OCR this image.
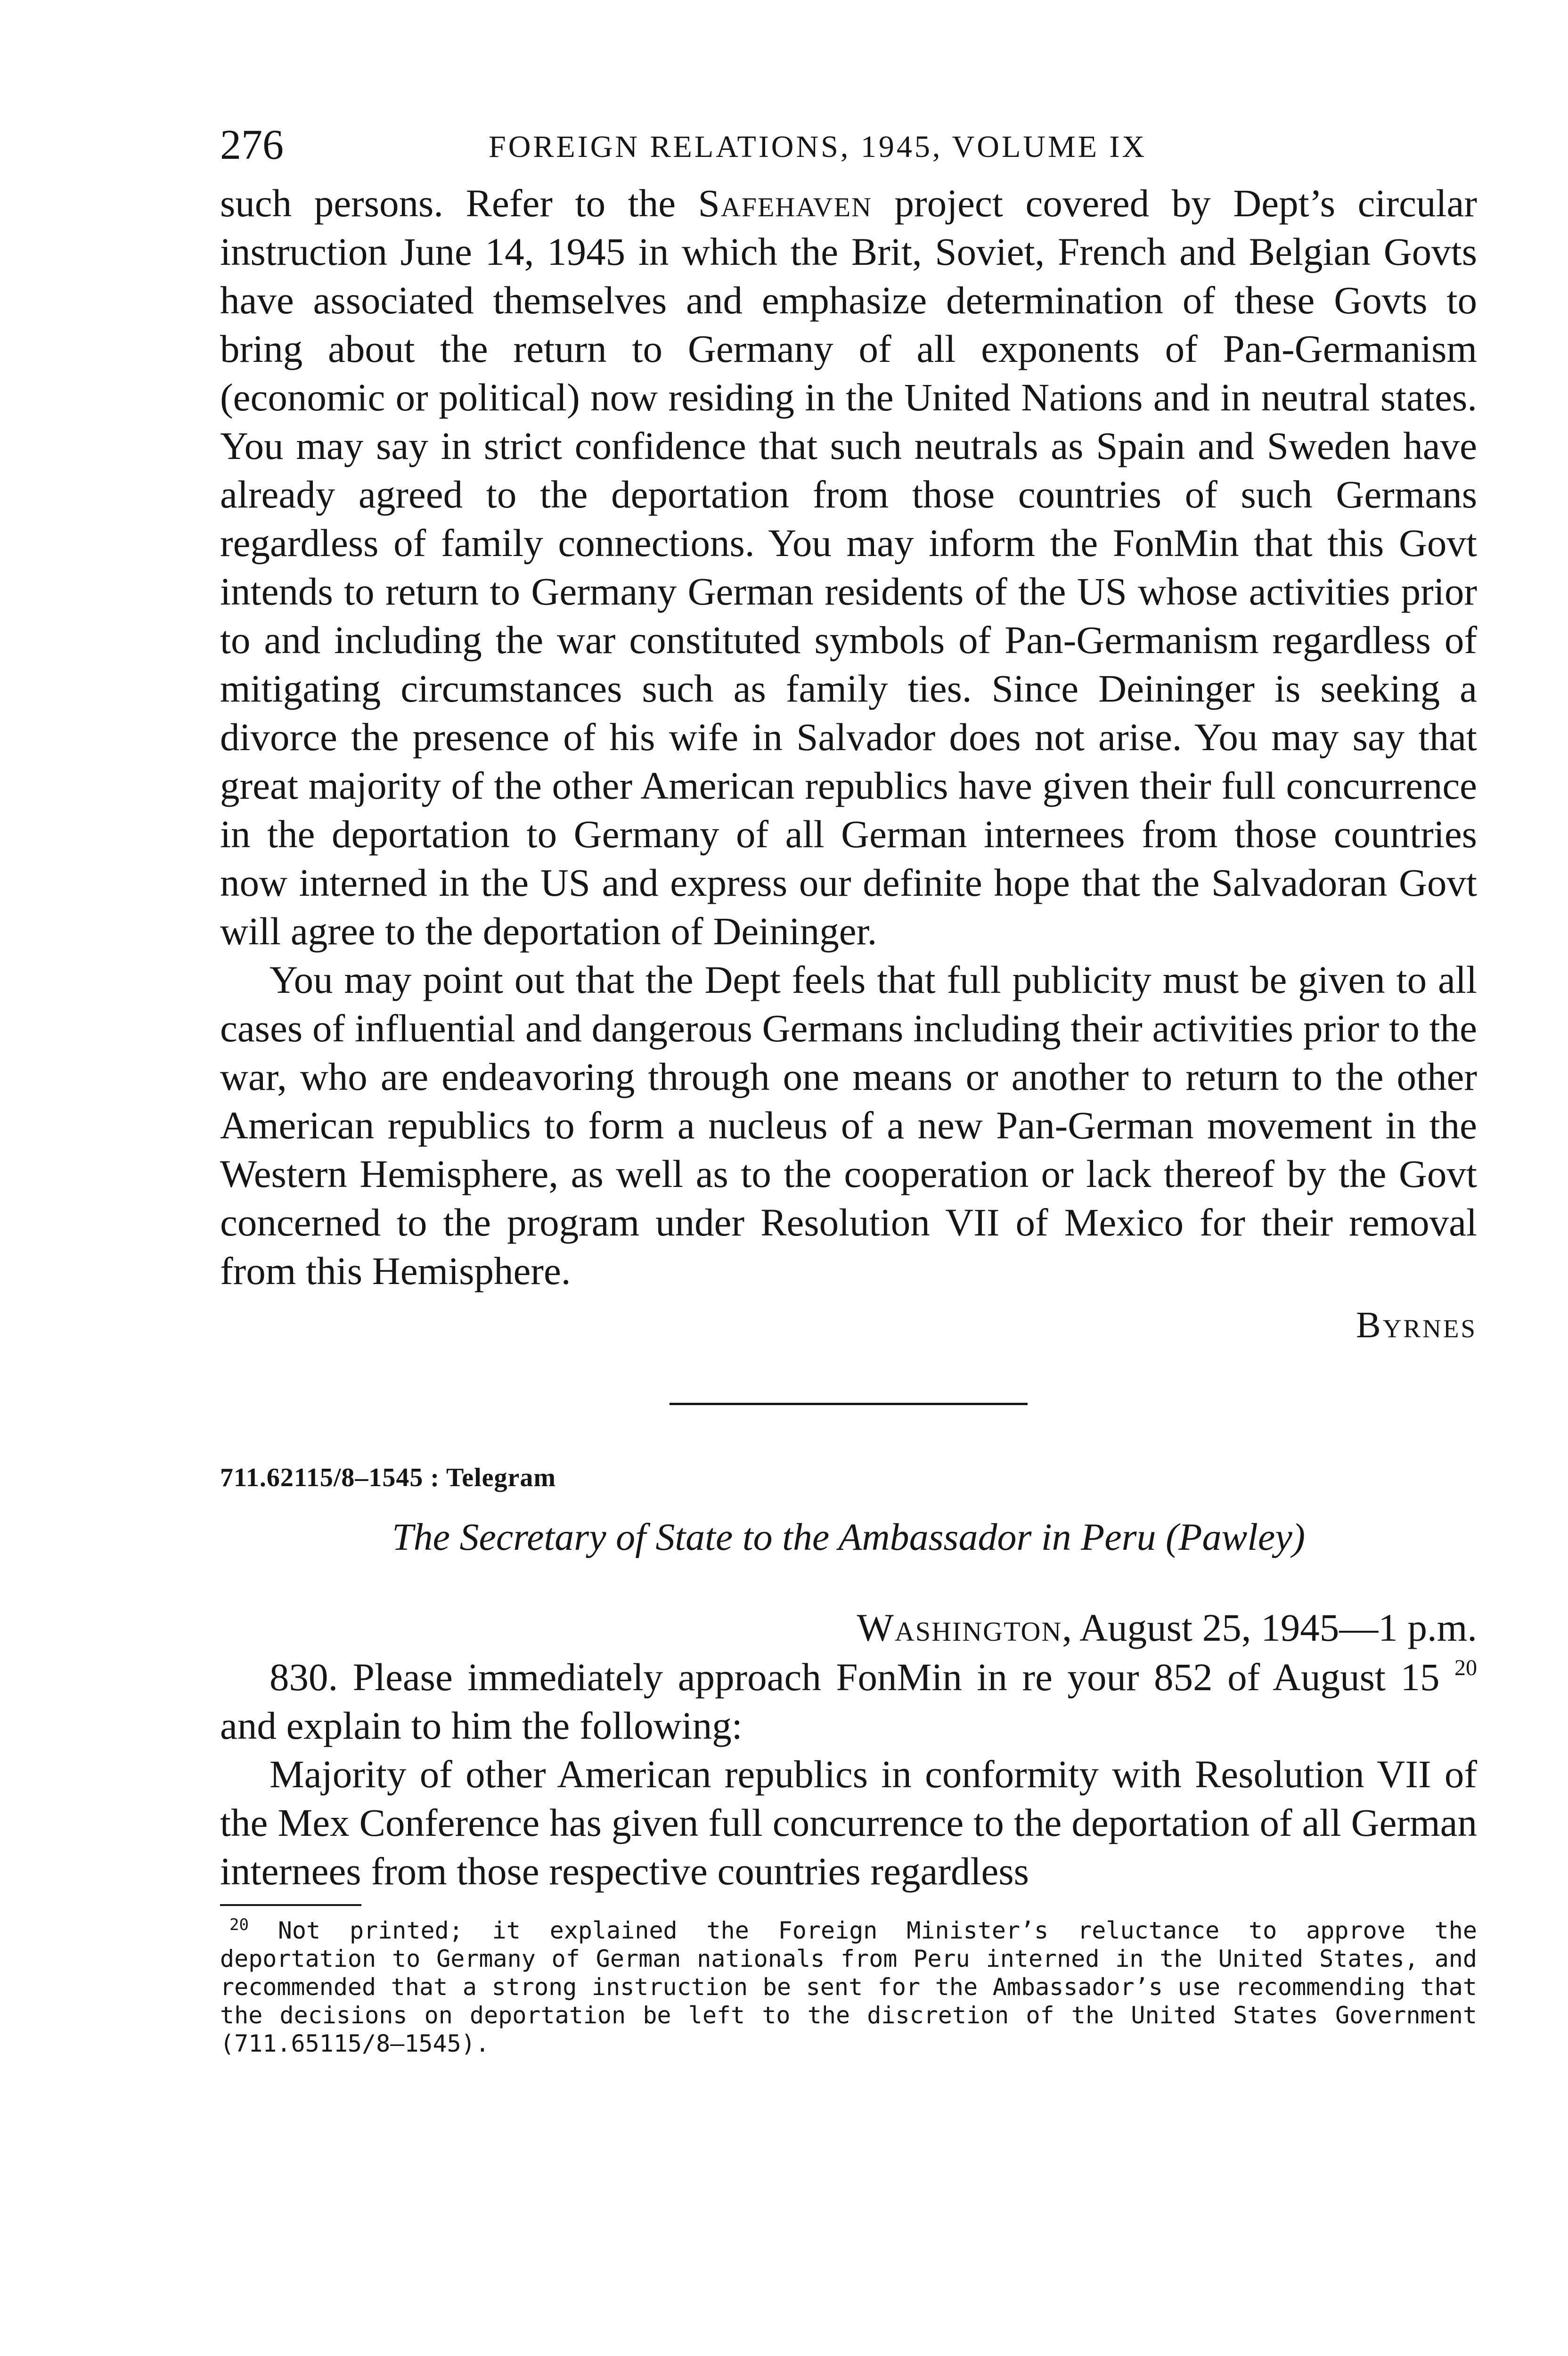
276	FOREIGN RELATIONS, 1945, VOLUME IX

such persons. Refer to the Safehaven project covered by Dept’s circular instruction June 14, 1945 in which the Brit, Soviet, French and Belgian Govts have associated themselves and emphasize determination of these Govts to bring about the return to Germany of all exponents of Pan-Germanism (economic or political) now residing in the United Nations and in neutral states. You may say in strict confidence that such neutrals as Spain and Sweden have already agreed to the deportation from those countries of such Germans regardless of family connections. You may inform the FonMin that this Govt intends to return to Germany German residents of the US whose activities prior to and including the war constituted symbols of Pan-Germanism regardless of mitigating circumstances such as family ties. Since Deininger is seeking a divorce the presence of his wife in Salvador does not arise. You may say that great majority of the other American republics have given their full concurrence in the deportation to Germany of all German internees from those countries now interned in the US and express our definite hope that the Salvadoran Govt will agree to the deportation of Deininger.

You may point out that the Dept feels that full publicity must be given to all cases of influential and dangerous Germans including their activities prior to the war, who are endeavoring through one means or another to return to the other American republics to form a nucleus of a new Pan-German movement in the Western Hemisphere, as well as to the cooperation or lack thereof by the Govt concerned to the program under Resolution VII of Mexico for their removal from this Hemisphere.

Byrnes
711.62115/8–1545 : Telegram
The Secretary of State to the Ambassador in Peru (Pawley)
Washington, August 25, 1945—1 p.m.

830. Please immediately approach FonMin in re your 852 of August 15 $^{20}$ and explain to him the following:

Majority of other American republics in conformity with Resolution VII of the Mex Conference has given full concurrence to the deportation of all German internees from those respective countries regardless

$^{20}$ Not printed; it explained the Foreign Minister’s reluctance to approve the deportation to Germany of German nationals from Peru interned in the United States, and recommended that a strong instruction be sent for the Ambassador’s use recommending that the decisions on deportation be left to the discretion of the United States Government (711.65115/8–1545).
